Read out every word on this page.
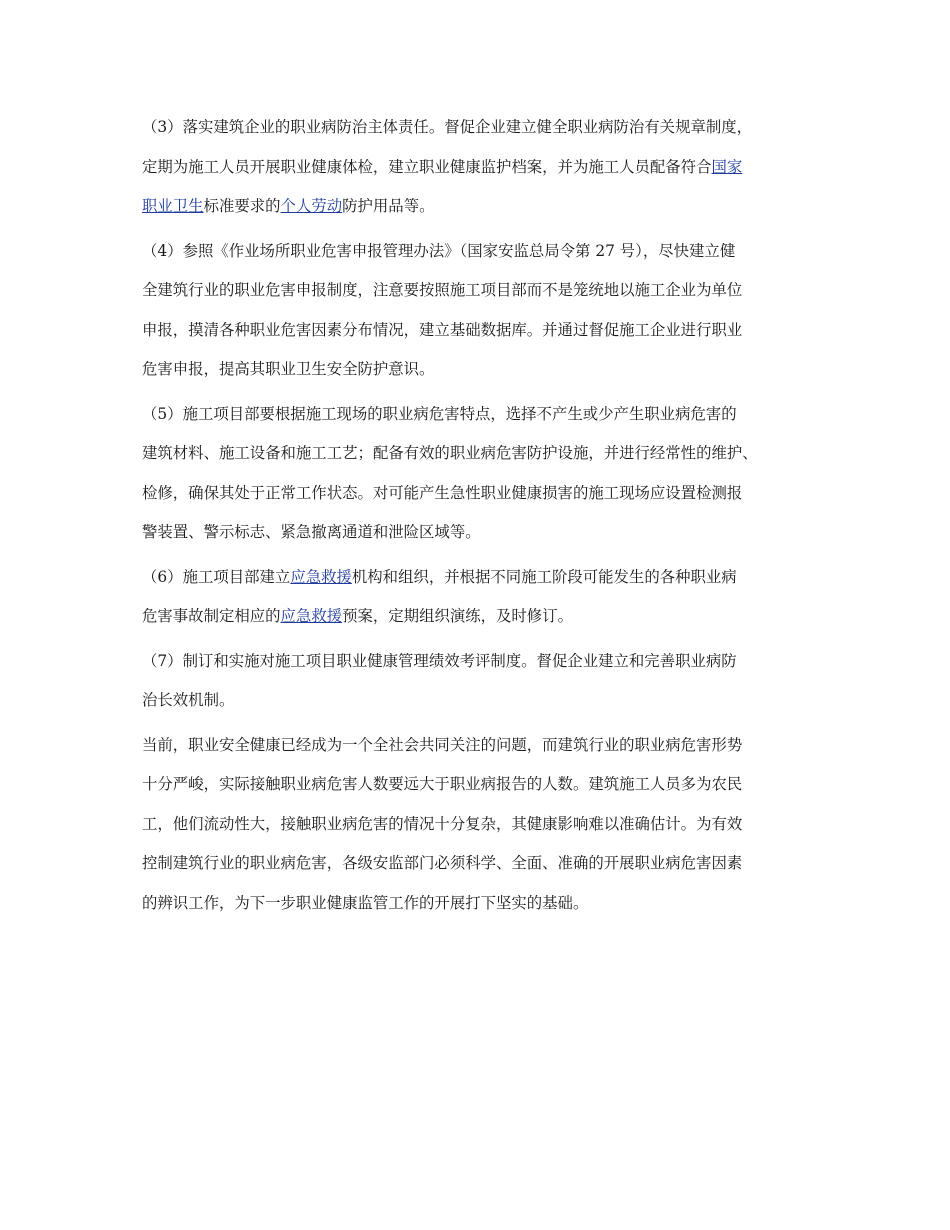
（3）落实建筑企业的职业病防治主体责任。督促企业建立健全职业病防治有关规章制度，
定期为施工人员开展职业健康体检，建立职业健康监护档案，并为施工人员配备符合国家
职业卫生标准要求的个人劳动防护用品等。
（4）参照《作业场所职业危害申报管理办法》（国家安监总局令第 27 号），尽快建立健
全建筑行业的职业危害申报制度，注意要按照施工项目部而不是笼统地以施工企业为单位
申报，摸清各种职业危害因素分布情况，建立基础数据库。并通过督促施工企业进行职业
危害申报，提高其职业卫生安全防护意识。
（5）施工项目部要根据施工现场的职业病危害特点，选择不产生或少产生职业病危害的
建筑材料、施工设备和施工工艺；配备有效的职业病危害防护设施，并进行经常性的维护、
检修，确保其处于正常工作状态。对可能产生急性职业健康损害的施工现场应设置检测报
警装置、警示标志、紧急撤离通道和泄险区域等。
（6）施工项目部建立应急救援机构和组织，并根据不同施工阶段可能发生的各种职业病
危害事故制定相应的应急救援预案，定期组织演练，及时修订。
（7）制订和实施对施工项目职业健康管理绩效考评制度。督促企业建立和完善职业病防
治长效机制。
当前，职业安全健康已经成为一个全社会共同关注的问题，而建筑行业的职业病危害形势
十分严峻，实际接触职业病危害人数要远大于职业病报告的人数。建筑施工人员多为农民
工，他们流动性大，接触职业病危害的情况十分复杂，其健康影响难以准确估计。为有效
控制建筑行业的职业病危害，各级安监部门必须科学、全面、准确的开展职业病危害因素
的辨识工作，为下一步职业健康监管工作的开展打下坚实的基础。
